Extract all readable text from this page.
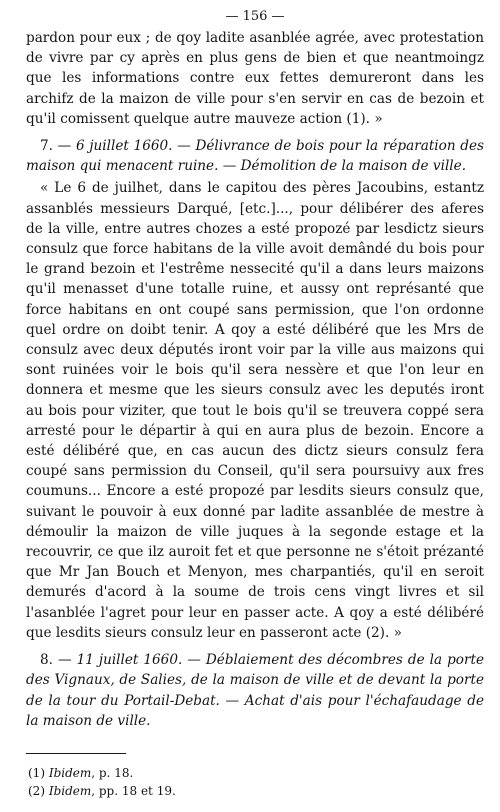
— 156 —

pardon pour eux ; de qoy ladite asanblée agrée, avec protestation de vivre par cy après en plus gens de bien et que neantmoingz que les informations contre eux fettes demureront dans les archifz de la maizon de ville pour s'en servir en cas de bezoin et qu'il comissent quelque autre mauveze action (1). »

7. — 6 juillet 1660. — Délivrance de bois pour la réparation des maison qui menacent ruine. — Démolition de la maison de ville.

« Le 6 de juilhet, dans le capitou des pères Jacoubins, estantz assanblés messieurs Darqué, [etc.]..., pour délibérer des aferes de la ville, entre autres chozes a esté propozé par lesdictz sieurs consulz que force habitans de la ville avoit demândé du bois pour le grand bezoin et l'estrême nessecité qu'il a dans leurs maizons qu'il menasset d'une totalle ruine, et aussy ont représanté que force habitans en ont coupé sans permission, que l'on ordonne quel ordre on doibt tenir. A qoy a esté délibéré que les Mrs de consulz avec deux députés iront voir par la ville aus maizons qui sont ruinées voir le bois qu'il sera nessère et que l'on leur en donnera et mesme que les sieurs consulz avec les deputés iront au bois pour viziter, que tout le bois qu'il se treuvera coppé sera arresté pour le départir à qui en aura plus de bezoin. Encore a esté délibéré que, en cas aucun des dictz sieurs consulz fera coupé sans permission du Conseil, qu'il sera poursuivy aux fres coumuns... Encore a esté propozé par lesdits sieurs consulz que, suivant le pouvoir à eux donné par ladite assanblée de mestre à démoulir la maizon de ville juques à la segonde estage et la recouvrir, ce que ilz auroit fet et que personne ne s'étoit prézanté que Mr Jan Bouch et Menyon, mes charpantiés, qu'il en seroit demurés d'acord à la soume de trois cens vingt livres et sil l'asanblée l'agret pour leur en passer acte. A qoy a esté délibéré que lesdits sieurs consulz leur en passeront acte (2). »

8. — 11 juillet 1660. — Déblaiement des décombres de la porte des Vignaux, de Salies, de la maison de ville et de devant la porte de la tour du Portail-Debat. — Achat d'ais pour l'échafaudage de la maison de ville.

(1) Ibidem, p. 18.

(2) Ibidem, pp. 18 et 19.
